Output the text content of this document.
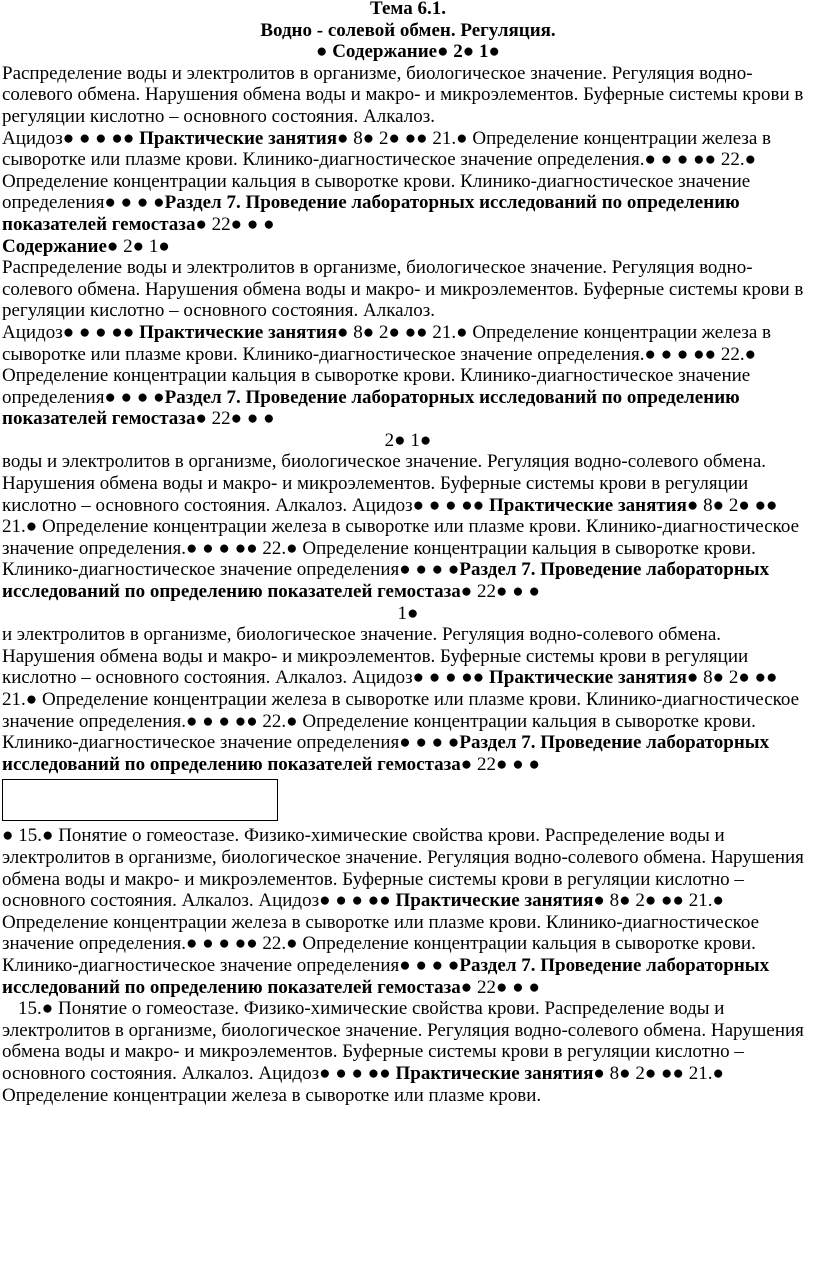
Тема 6.1.
Водно - солевой обмен. Регуляция.
● Содержание● 2● 1●

Распределение воды и электролитов в организме, биологическое значение. Регуляция водно-солевого обмена. Нарушения обмена воды и макро- и микроэлементов. Буферные системы крови в регуляции кислотно – основного состояния. Алкалоз.
Ацидоз● ● ● ●● Практические занятия● 8● 2● ●● 21.● Определение концентрации железа в сыворотке или плазме крови. Клинико-диагностическое значение определения.● ● ● ●● 22.● Определение концентрации кальция в сыворотке крови. Клинико-диагностическое значение определения● ● ● ●Раздел 7. Проведение лабораторных исследований по определению показателей гемостаза● 22● ● ●

Содержание● 2● 1●
Распределение воды и электролитов в организме, биологическое значение. Регуляция водно-солевого обмена. Нарушения обмена воды и макро- и микроэлементов. Буферные системы крови в регуляции кислотно – основного состояния. Алкалоз.
Ацидоз● ● ● ●● Практические занятия● 8● 2● ●● 21.● Определение концентрации железа в сыворотке или плазме крови. Клинико-диагностическое значение определения.● ● ● ●● 22.● Определение концентрации кальция в сыворотке крови. Клинико-диагностическое значение определения● ● ● ●Раздел 7. Проведение лабораторных исследований по определению показателей гемостаза● 22● ● ●

2● 1●

воды и электролитов в организме, биологическое значение. Регуляция водно-солевого обмена. Нарушения обмена воды и макро- и микроэлементов. Буферные системы крови в регуляции кислотно – основного состояния. Алкалоз. Ацидоз● ● ● ●● Практические занятия● 8● 2● ●● 21.● Определение концентрации железа в сыворотке или плазме крови. Клинико-диагностическое значение определения.● ● ● ●● 22.● Определение концентрации кальция в сыворотке крови. Клинико-диагностическое значение определения● ● ● ●Раздел 7. Проведение лабораторных исследований по определению показателей гемостаза● 22● ● ●

1●

и электролитов в организме, биологическое значение. Регуляция водно-солевого обмена. Нарушения обмена воды и макро- и микроэлементов. Буферные системы крови в регуляции кислотно – основного состояния. Алкалоз. Ацидоз● ● ● ●● Практические занятия● 8● 2● ●● 21.● Определение концентрации железа в сыворотке или плазме крови. Клинико-диагностическое значение определения.● ● ● ●● 22.● Определение концентрации кальция в сыворотке крови. Клинико-диагностическое значение определения● ● ● ●Раздел 7. Проведение лабораторных исследований по определению показателей гемостаза● 22● ● ●

● 15.● Понятие о гомеостазе. Физико-химические свойства крови. Распределение воды и электролитов в организме, биологическое значение. Регуляция водно-солевого обмена. Нарушения обмена воды и макро- и микроэлементов. Буферные системы крови в регуляции кислотно – основного состояния. Алкалоз. Ацидоз● ● ● ●● Практические занятия● 8● 2● ●● 21.● Определение концентрации железа в сыворотке или плазме крови. Клинико-диагностическое значение определения.● ● ● ●● 22.● Определение концентрации кальция в сыворотке крови. Клинико-диагностическое значение определения● ● ● ●Раздел 7. Проведение лабораторных исследований по определению показателей гемостаза● 22● ● ●

15.● Понятие о гомеостазе. Физико-химические свойства крови. Распределение воды и электролитов в организме, биологическое значение. Регуляция водно-солевого обмена. Нарушения обмена воды и макро- и микроэлементов. Буферные системы крови в регуляции кислотно – основного состояния. Алкалоз. Ацидоз● ● ● ●● Практические занятия● 8● 2● ●● 21.● Определение концентрации железа в сыворотке или плазме крови.
